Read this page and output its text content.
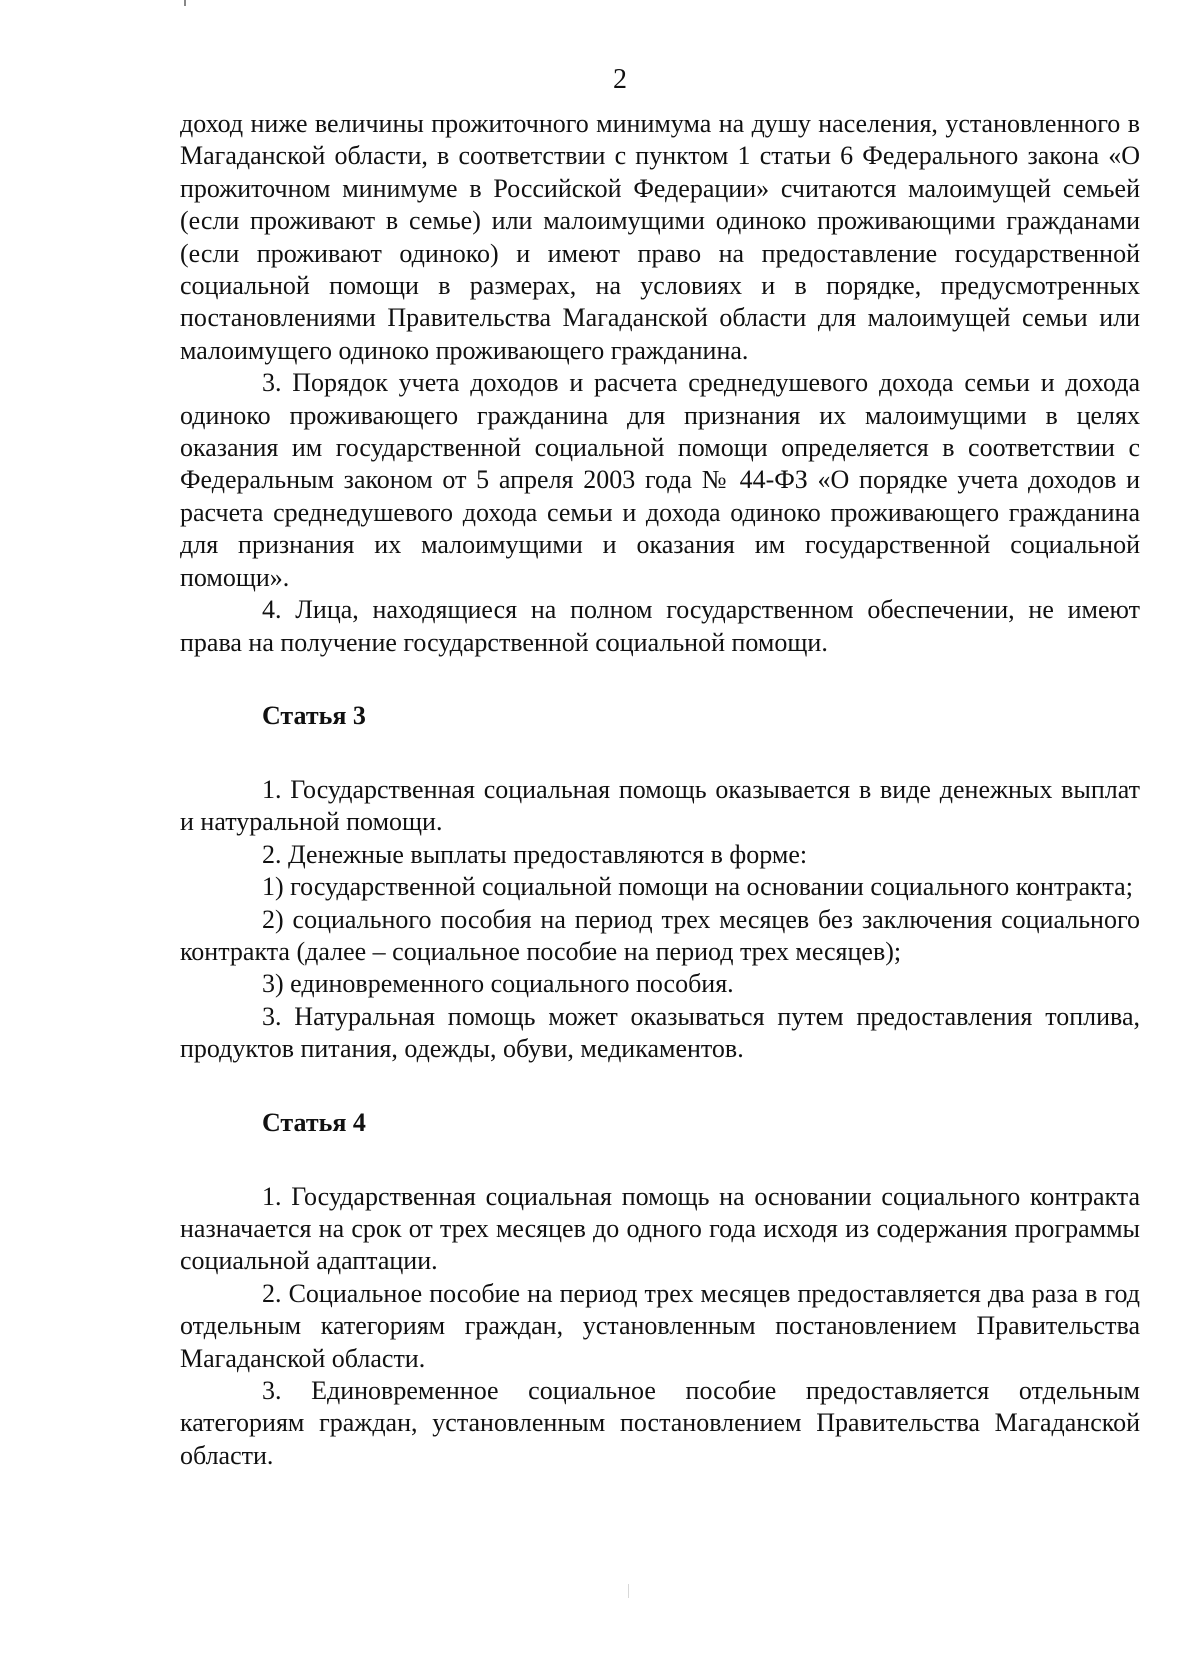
2

доход ниже величины прожиточного минимума на душу населения, установленного в Магаданской области, в соответствии с пунктом 1 статьи 6 Федерального закона «О прожиточном минимуме в Российской Федерации» считаются малоимущей семьей (если проживают в семье) или малоимущими одиноко проживающими гражданами (если проживают одиноко) и имеют право на предоставление государственной социальной помощи в размерах, на условиях и в порядке, предусмотренных постановлениями Правительства Магаданской области для малоимущей семьи или малоимущего одиноко проживающего гражданина.

3. Порядок учета доходов и расчета среднедушевого дохода семьи и дохода одиноко проживающего гражданина для признания их малоимущими в целях оказания им государственной социальной помощи определяется в соответствии с Федеральным законом от 5 апреля 2003 года № 44-ФЗ «О порядке учета доходов и расчета среднедушевого дохода семьи и дохода одиноко проживающего гражданина для признания их малоимущими и оказания им государственной социальной помощи».

4. Лица, находящиеся на полном государственном обеспечении, не имеют права на получение государственной социальной помощи.

Статья 3

1. Государственная социальная помощь оказывается в виде денежных выплат и натуральной помощи.

2. Денежные выплаты предоставляются в форме:

1) государственной социальной помощи на основании социального контракта;

2) социального пособия на период трех месяцев без заключения социального контракта (далее – социальное пособие на период трех месяцев);

3) единовременного социального пособия.

3. Натуральная помощь может оказываться путем предоставления топлива, продуктов питания, одежды, обуви, медикаментов.

Статья 4

1. Государственная социальная помощь на основании социального контракта назначается на срок от трех месяцев до одного года исходя из содержания программы социальной адаптации.

2. Социальное пособие на период трех месяцев предоставляется два раза в год отдельным категориям граждан, установленным постановлением Правительства Магаданской области.

3. Единовременное социальное пособие предоставляется отдельным категориям граждан, установленным постановлением Правительства Магаданской области.
